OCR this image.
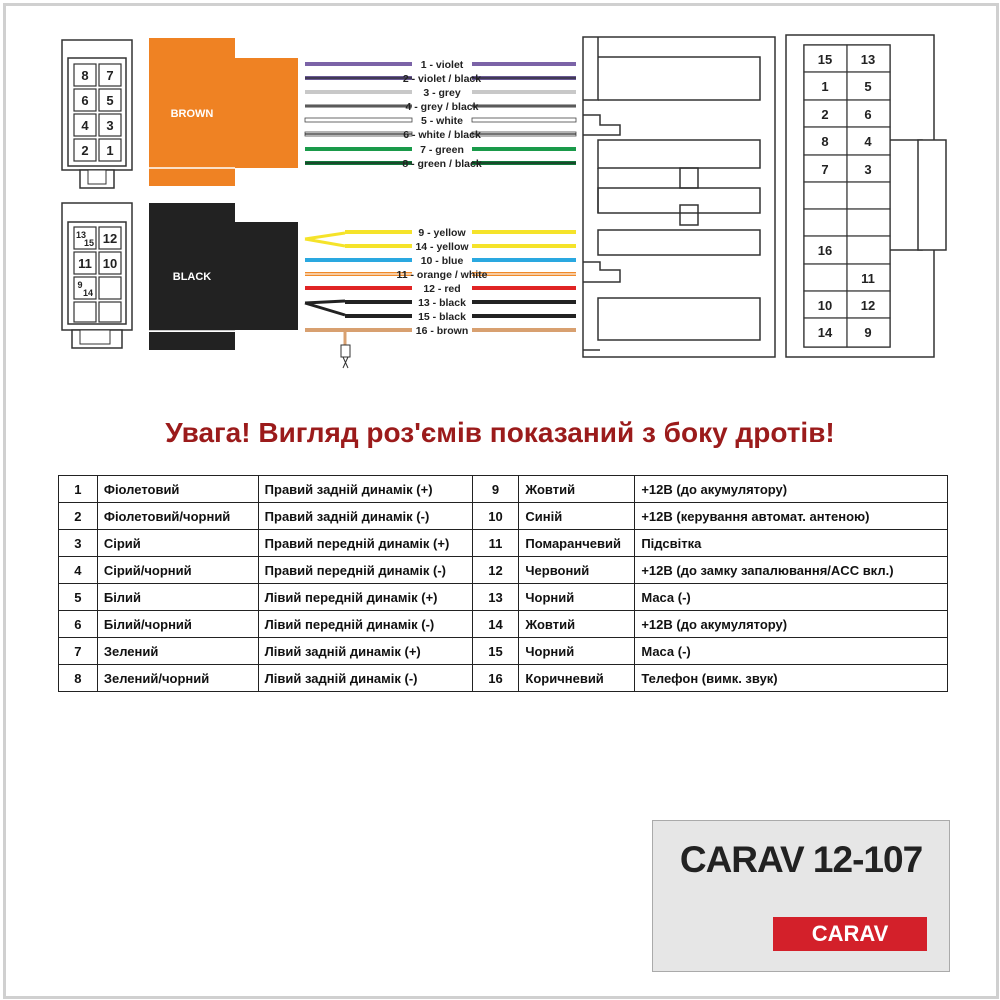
8 7
6 5
4 3
2 1
13
15 12
11 10
9
14
BROWN
BLACK
1 - violet
2 - violet / black
3 - grey
4 - grey / black
5 - white
6 - white / black
7 - green
8 - green / black
9 - yellow
14 - yellow
10 - blue
11 - orange / white
12 - red
13 - black
15 - black
16 - brown
15 13
1	5
2	6
8	4
7	3
16
11
10 12
14 9
Увага! Вигляд роз'ємів показаний з боку дротів!
1	Фіолетовий	Правий задній динамік (+)	9	Жовтий	+12В (до акумулятору)
2	Фіолетовий/чорний	Правий задній динамік (-)	10	Синій	+12В (керування автомат. антеною)
3	Сірий	Правий передній динамік (+)	11	Помаранчевий	Підсвітка
4	Сірий/чорний	Правий передній динамік (-)	12	Червоний	+12В (до замку запалювання/ACC вкл.)
5	Білий	Лівий передній динамік (+)	13	Чорний	Маса (-)
6	Білий/чорний	Лівий передній динамік (-)	14	Жовтий	+12В (до акумулятору)
7	Зелений	Лівий задній динамік (+)	15	Чорний	Маса (-)
8	Зелений/чорний	Лівий задній динамік (-)	16	Коричневий	Телефон (вимк. звук)
CARAV 12-107
CARAV
